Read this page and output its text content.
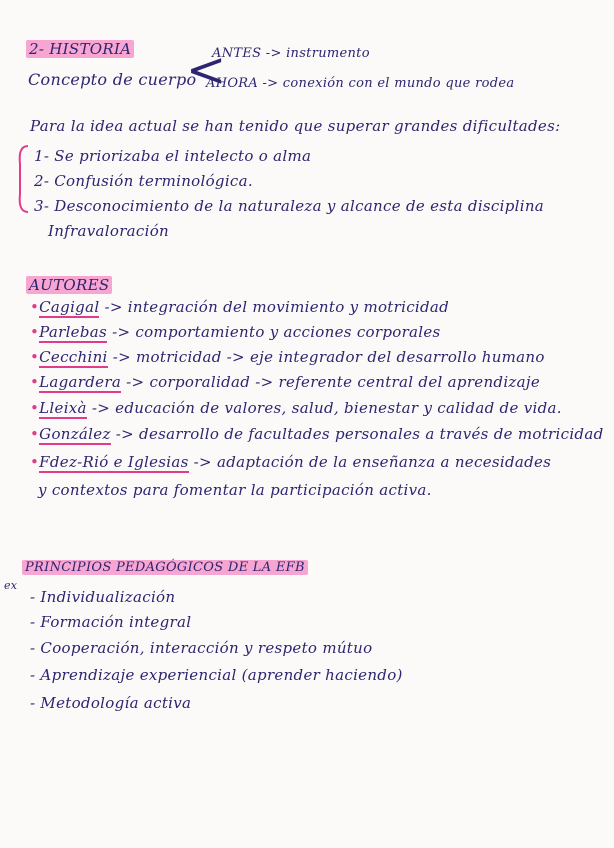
2- HISTORIA
Concepto de cuerpo
<
ANTES -> instrumento
AHORA -> conexión con el mundo que rodea
Para la idea actual se han tenido que superar grandes dificultades:
1- Se priorizaba el intelecto o alma
2- Confusión terminológica.
3- Desconocimiento de la naturaleza y alcance de esta disciplina
Infravaloración
AUTORES
•Cagigal -> integración del movimiento y motricidad
•Parlebas -> comportamiento y acciones corporales
•Cecchini -> motricidad -> eje integrador del desarrollo humano
•Lagardera -> corporalidad -> referente central del aprendizaje
•Lleixà -> educación de valores, salud, bienestar y calidad de vida.
•González -> desarrollo de facultades personales a través de motricidad
•Fdez-Rió e Iglesias -> adaptación de la enseñanza a necesidades
y contextos para fomentar la participación activa.
ex
PRINCIPIOS PEDAGÓGICOS DE LA EFB
- Individualización
- Formación integral
- Cooperación, interacción y respeto mútuo
- Aprendizaje experiencial (aprender haciendo)
- Metodología activa
